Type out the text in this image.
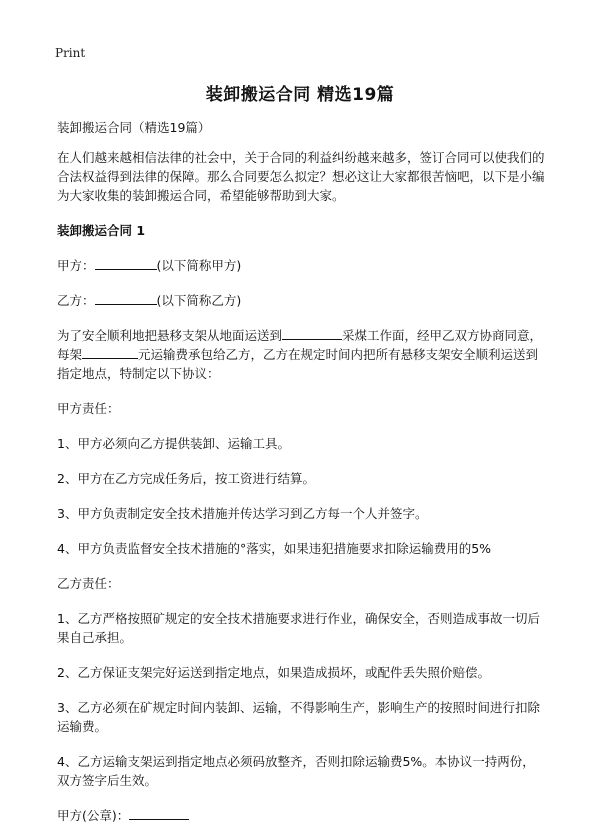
Print
装卸搬运合同 精选19篇

装卸搬运合同（精选19篇）

在人们越来越相信法律的社会中，关于合同的利益纠纷越来越多，签订合同可以使我们的合法权益得到法律的保障。那么合同要怎么拟定？想必这让大家都很苦恼吧，以下是小编为大家收集的装卸搬运合同，希望能够帮助到大家。

装卸搬运合同 1

甲方：	(以下简称甲方)

乙方：	(以下简称乙方)

为了安全顺利地把悬移支架从地面运送到	采煤工作面，经甲乙双方协商同意，每架	元运输费承包给乙方，乙方在规定时间内把所有悬移支架安全顺利运送到指定地点，特制定以下协议：

甲方责任：

1、甲方必须向乙方提供装卸、运输工具。

2、甲方在乙方完成任务后，按工资进行结算。

3、甲方负责制定安全技术措施并传达学习到乙方每一个人并签字。

4、甲方负责监督安全技术措施的°落实，如果违犯措施要求扣除运输费用的5%

乙方责任：

1、乙方严格按照矿规定的安全技术措施要求进行作业，确保安全，否则造成事故一切后果自己承担。

2、乙方保证支架完好运送到指定地点，如果造成损坏，或配件丢失照价赔偿。

3、乙方必须在矿规定时间内装卸、运输，不得影响生产，影响生产的按照时间进行扣除运输费。

4、乙方运输支架运到指定地点必须码放整齐，否则扣除运输费5%。本协议一持两份，双方签字后生效。

甲方(公章)：
